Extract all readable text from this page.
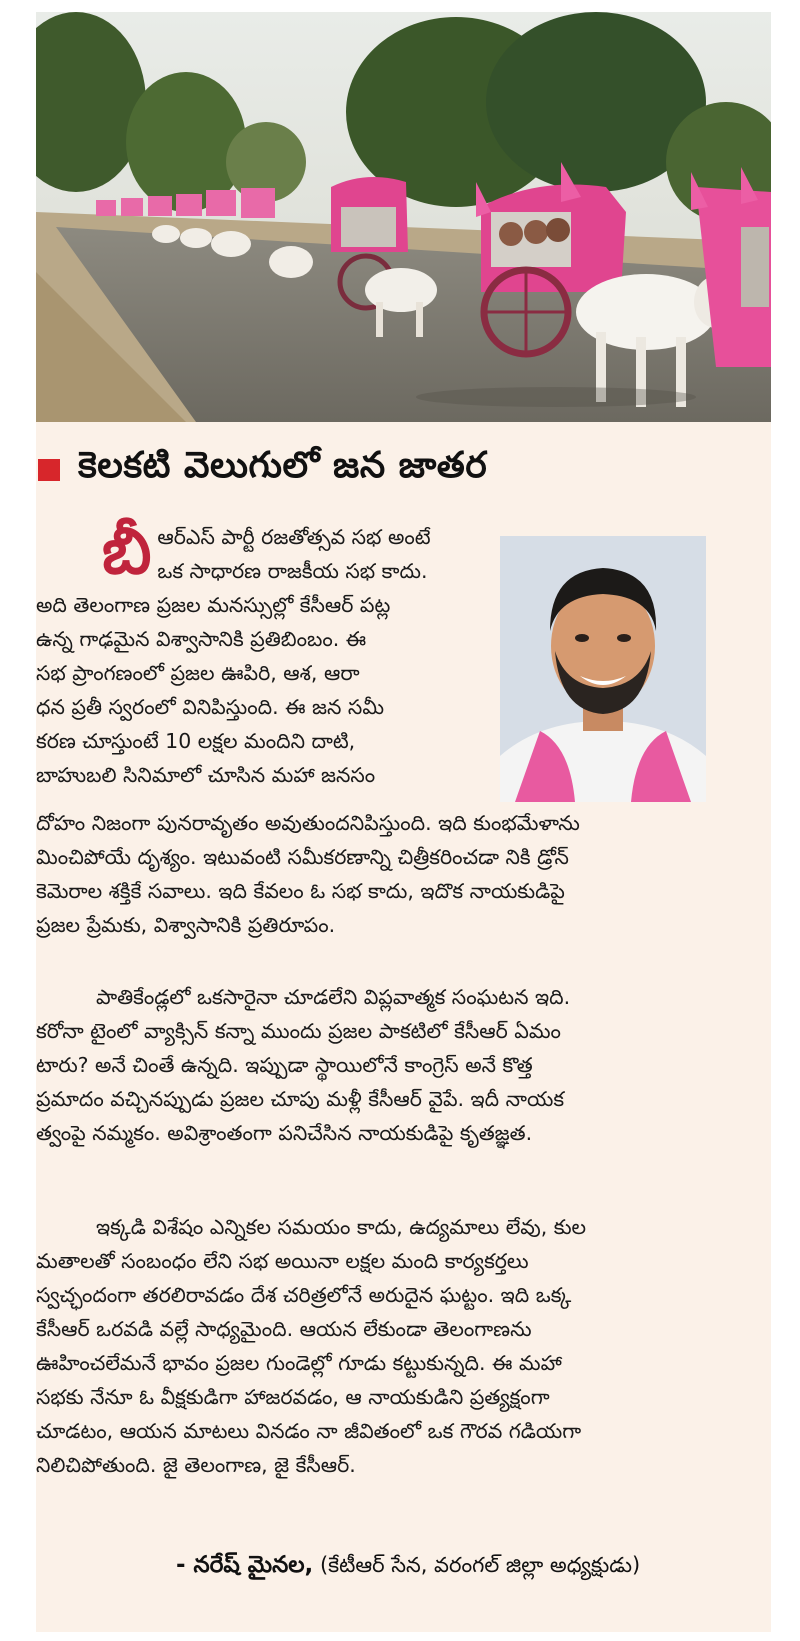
కెలకటి వెలుగులో జన జాతర
బీ ఆర్ఎస్ పార్టీ రజతోత్సవ సభ అంటే
ఒక సాధారణ రాజకీయ సభ కాదు.
అది తెలంగాణ ప్రజల మనస్సుల్లో కేసీఆర్ పట్ల
ఉన్న గాఢమైన విశ్వాసానికి ప్రతిబింబం. ఈ
సభ ప్రాంగణంలో ప్రజల ఊపిరి, ఆశ, ఆరా
ధన ప్రతీ స్వరంలో వినిపిస్తుంది. ఈ జన సమీ
కరణ చూస్తుంటే 10 లక్షల మందిని దాటి,
బాహుబలి సినిమాలో చూసిన మహా జనసం
దోహం నిజంగా పునరావృతం అవుతుందనిపిస్తుంది. ఇది కుంభమేళాను
మించిపోయే దృశ్యం. ఇటువంటి సమీకరణాన్ని చిత్రీకరించడా నికి డ్రోన్
కెమెరాల శక్తికే సవాలు. ఇది కేవలం ఓ సభ కాదు, ఇదొక నాయకుడిపై
ప్రజల ప్రేమకు, విశ్వాసానికి ప్రతిరూపం.
పాతికేండ్లలో ఒకసారైనా చూడలేని విప్లవాత్మక సంఘటన ఇది.
కరోనా టైంలో వ్యాక్సిన్ కన్నా ముందు ప్రజల పాకటిలో కేసీఆర్ ఏమం
టారు? అనే చింతే ఉన్నది. ఇప్పుడా స్థాయిలోనే కాంగ్రెస్ అనే కొత్త
ప్రమాదం వచ్చినప్పుడు ప్రజల చూపు మళ్లీ కేసీఆర్ వైపే. ఇదీ నాయక
త్వంపై నమ్మకం. అవిశ్రాంతంగా పనిచేసిన నాయకుడిపై కృతజ్ఞత.
ఇక్కడి విశేషం ఎన్నికల సమయం కాదు, ఉద్యమాలు లేవు, కుల
మతాలతో సంబంధం లేని సభ అయినా లక్షల మంది కార్యకర్తలు
స్వచ్ఛందంగా తరలిరావడం దేశ చరిత్రలోనే అరుదైన ఘట్టం. ఇది ఒక్క
కేసీఆర్ ఒరవడి వల్లే సాధ్యమైంది. ఆయన లేకుండా తెలంగాణను
ఊహించలేమనే భావం ప్రజల గుండెల్లో గూడు కట్టుకున్నది. ఈ మహా
సభకు నేనూ ఓ వీక్షకుడిగా హాజరవడం, ఆ నాయకుడిని ప్రత్యక్షంగా
చూడటం, ఆయన మాటలు వినడం నా జీవితంలో ఒక గౌరవ గడియగా
నిలిచిపోతుంది. జై తెలంగాణ, జై కేసీఆర్.
- నరేష్ మైనల, (కేటీఆర్ సేన, వరంగల్ జిల్లా అధ్యక్షుడు)
